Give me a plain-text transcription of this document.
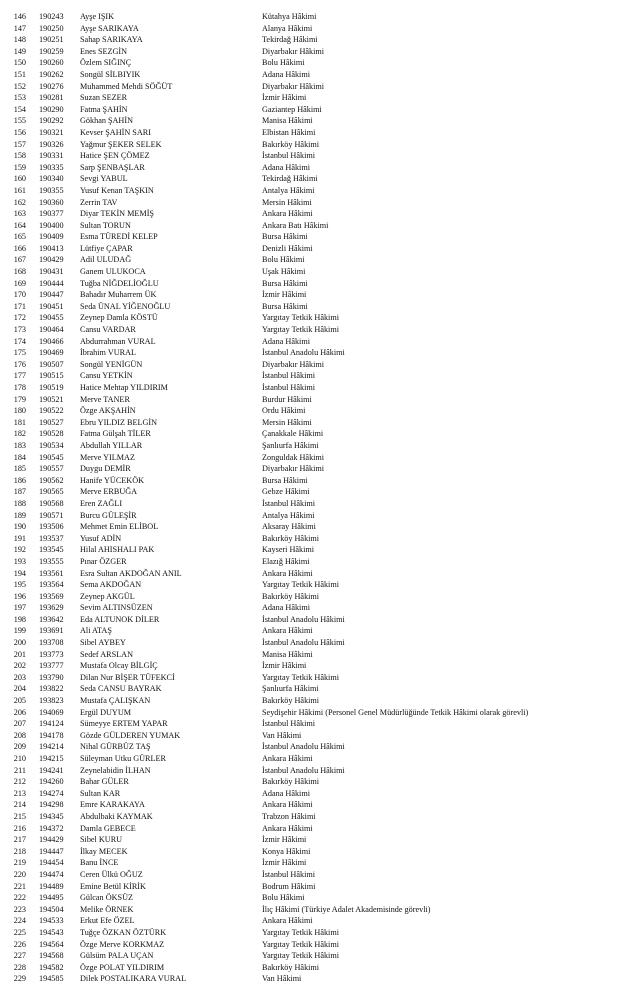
146 190243 Ayşe IŞIK	Kütahya Hâkimi
147 190250 Ayşe SARIKAYA	Alanya Hâkimi
148 190251 Sahap SARIKAYA	Tekirdağ Hâkimi
149 190259 Enes SEZGİN	Diyarbakır Hâkimi
150 190260 Özlem SIĞINÇ	Bolu Hâkimi
151 190262 Songül SİLBIYIK	Adana Hâkimi
152 190276 Muhammed Mehdi SÖĞÜT	Diyarbakır Hâkimi
153 190281 Suzan SEZER	İzmir Hâkimi
154 190290 Fatma ŞAHİN	Gaziantep Hâkimi
155 190292 Gökhan ŞAHİN	Manisa Hâkimi
156 190321 Kevser ŞAHİN SARI	Elbistan Hâkimi
157 190326 Yağmur ŞEKER SELEK	Bakırköy Hâkimi
158 190331 Hatice ŞEN ÇÖMEZ	İstanbul Hâkimi
159 190335 Sarp ŞENBAŞLAR	Adana Hâkimi
160 190340 Sevgi YABUL	Tekirdağ Hâkimi
161 190355 Yusuf Kenan TAŞKIN	Antalya Hâkimi
162 190360 Zerrin TAV	Mersin Hâkimi
163 190377 Diyar TEKİN MEMİŞ	Ankara Hâkimi
164 190400 Sultan TORUN	Ankara Batı Hâkimi
165 190409 Esma TÜREDİ KELEP	Bursa Hâkimi
166 190413 Lütfiye ÇAPAR	Denizli Hâkimi
167 190429 Adil ULUDAĞ	Bolu Hâkimi
168 190431 Ganem ULUKOCA	Uşak Hâkimi
169 190444 Tuğba NİĞDELİOĞLU	Bursa Hâkimi
170 190447 Bahadır Muharrem ÜK	İzmir Hâkimi
171 190451 Seda ÜNAL YİĞENOĞLU	Bursa Hâkimi
172 190455 Zeynep Damla KÖSTÜ	Yargıtay Tetkik Hâkimi
173 190464 Cansu VARDAR	Yargıtay Tetkik Hâkimi
174 190466 Abdurrahman VURAL	Adana Hâkimi
175 190469 İbrahim VURAL	İstanbul Anadolu Hâkimi
176 190507 Songül YENİGÜN	Diyarbakır Hâkimi
177 190515 Cansu YETKİN	İstanbul Hâkimi
178 190519 Hatice Mehtap YILDIRIM	İstanbul Hâkimi
179 190521 Merve TANER	Burdur Hâkimi
180 190522 Özge AKŞAHİN	Ordu Hâkimi
181 190527 Ebru YILDIZ BELGİN	Mersin Hâkimi
182 190528 Fatma Gülşah TİLER	Çanakkale Hâkimi
183 190534 Abdullah YILLAR	Şanlıurfa Hâkimi
184 190545 Merve YILMAZ	Zonguldak Hâkimi
185 190557 Duygu DEMİR	Diyarbakır Hâkimi
186 190562 Hanife YÜCEKÖK	Bursa Hâkimi
187 190565 Merve ERBUĞA	Gebze Hâkimi
188 190568 Eren ZAĞLI	İstanbul Hâkimi
189 190571 Burcu GÜLEŞİR	Antalya Hâkimi
190 193506 Mehmet Emin ELİBOL	Aksaray Hâkimi
191 193537 Yusuf ADİN	Bakırköy Hâkimi
192 193545 Hilal AHISHALI PAK	Kayseri Hâkimi
193 193555 Pınar ÖZGER	Elazığ Hâkimi
194 193561 Esra Sultan AKDOĞAN ANIL	Ankara Hâkimi
195 193564 Sema AKDOĞAN	Yargıtay Tetkik Hâkimi
196 193569 Zeynep AKGÜL	Bakırköy Hâkimi
197 193629 Sevim ALTINSÜZEN	Adana Hâkimi
198 193642 Eda ALTUNOK DİLER	İstanbul Anadolu Hâkimi
199 193691 Ali ATAŞ	Ankara Hâkimi
200 193708 Sibel AYBEY	İstanbul Anadolu Hâkimi
201 193773 Sedef ARSLAN	Manisa Hâkimi
202 193777 Mustafa Olcay BİLGİÇ	İzmir Hâkimi
203 193790 Dilan Nur BİŞER TÜFEKCİ	Yargıtay Tetkik Hâkimi
204 193822 Seda CANSU BAYRAK	Şanlıurfa Hâkimi
205 193823 Mustafa ÇALIŞKAN	Bakırköy Hâkimi
206 194069 Ergül DUYUM	Seydişehir Hâkimi (Personel Genel Müdürlüğünde Tetkik Hâkimi olarak görevli)
207 194124 Sümeyye ERTEM YAPAR	İstanbul Hâkimi
208 194178 Gözde GÜLDEREN YUMAK	Van Hâkimi
209 194214 Nihal GÜRBÜZ TAŞ	İstanbul Anadolu Hâkimi
210 194215 Süleyman Utku GÜRLER	Ankara Hâkimi
211 194241 Zeynelabidin İLHAN	İstanbul Anadolu Hâkimi
212 194260 Bahar GÜLER	Bakırköy Hâkimi
213 194274 Sultan KAR	Adana Hâkimi
214 194298 Emre KARAKAYA	Ankara Hâkimi
215 194345 Abdulbaki KAYMAK	Trabzon Hâkimi
216 194372 Damla GEBECE	Ankara Hâkimi
217 194429 Sibel KURU	İzmir Hâkimi
218 194447 İlkay MECEK	Konya Hâkimi
219 194454 Banu İNCE	İzmir Hâkimi
220 194474 Ceren Ülkü OĞUZ	İstanbul Hâkimi
221 194489 Emine Betül KİRİK	Bodrum Hâkimi
222 194495 Gülcan ÖKSÜZ	Bolu Hâkimi
223 194504 Melike ÖRNEK	İlıç Hâkimi (Türkiye Adalet Akademisinde görevli)
224 194533 Erkut Efe ÖZEL	Ankara Hâkimi
225 194543 Tuğçe ÖZKAN ÖZTÜRK	Yargıtay Tetkik Hâkimi
226 194564 Özge Merve KORKMAZ	Yargıtay Tetkik Hâkimi
227 194568 Gülsüm PALA UÇAN	Yargıtay Tetkik Hâkimi
228 194582 Özge POLAT YILDIRIM	Bakırköy Hâkimi
229 194585 Dilek POSTALIKARA VURAL	Van Hâkimi
